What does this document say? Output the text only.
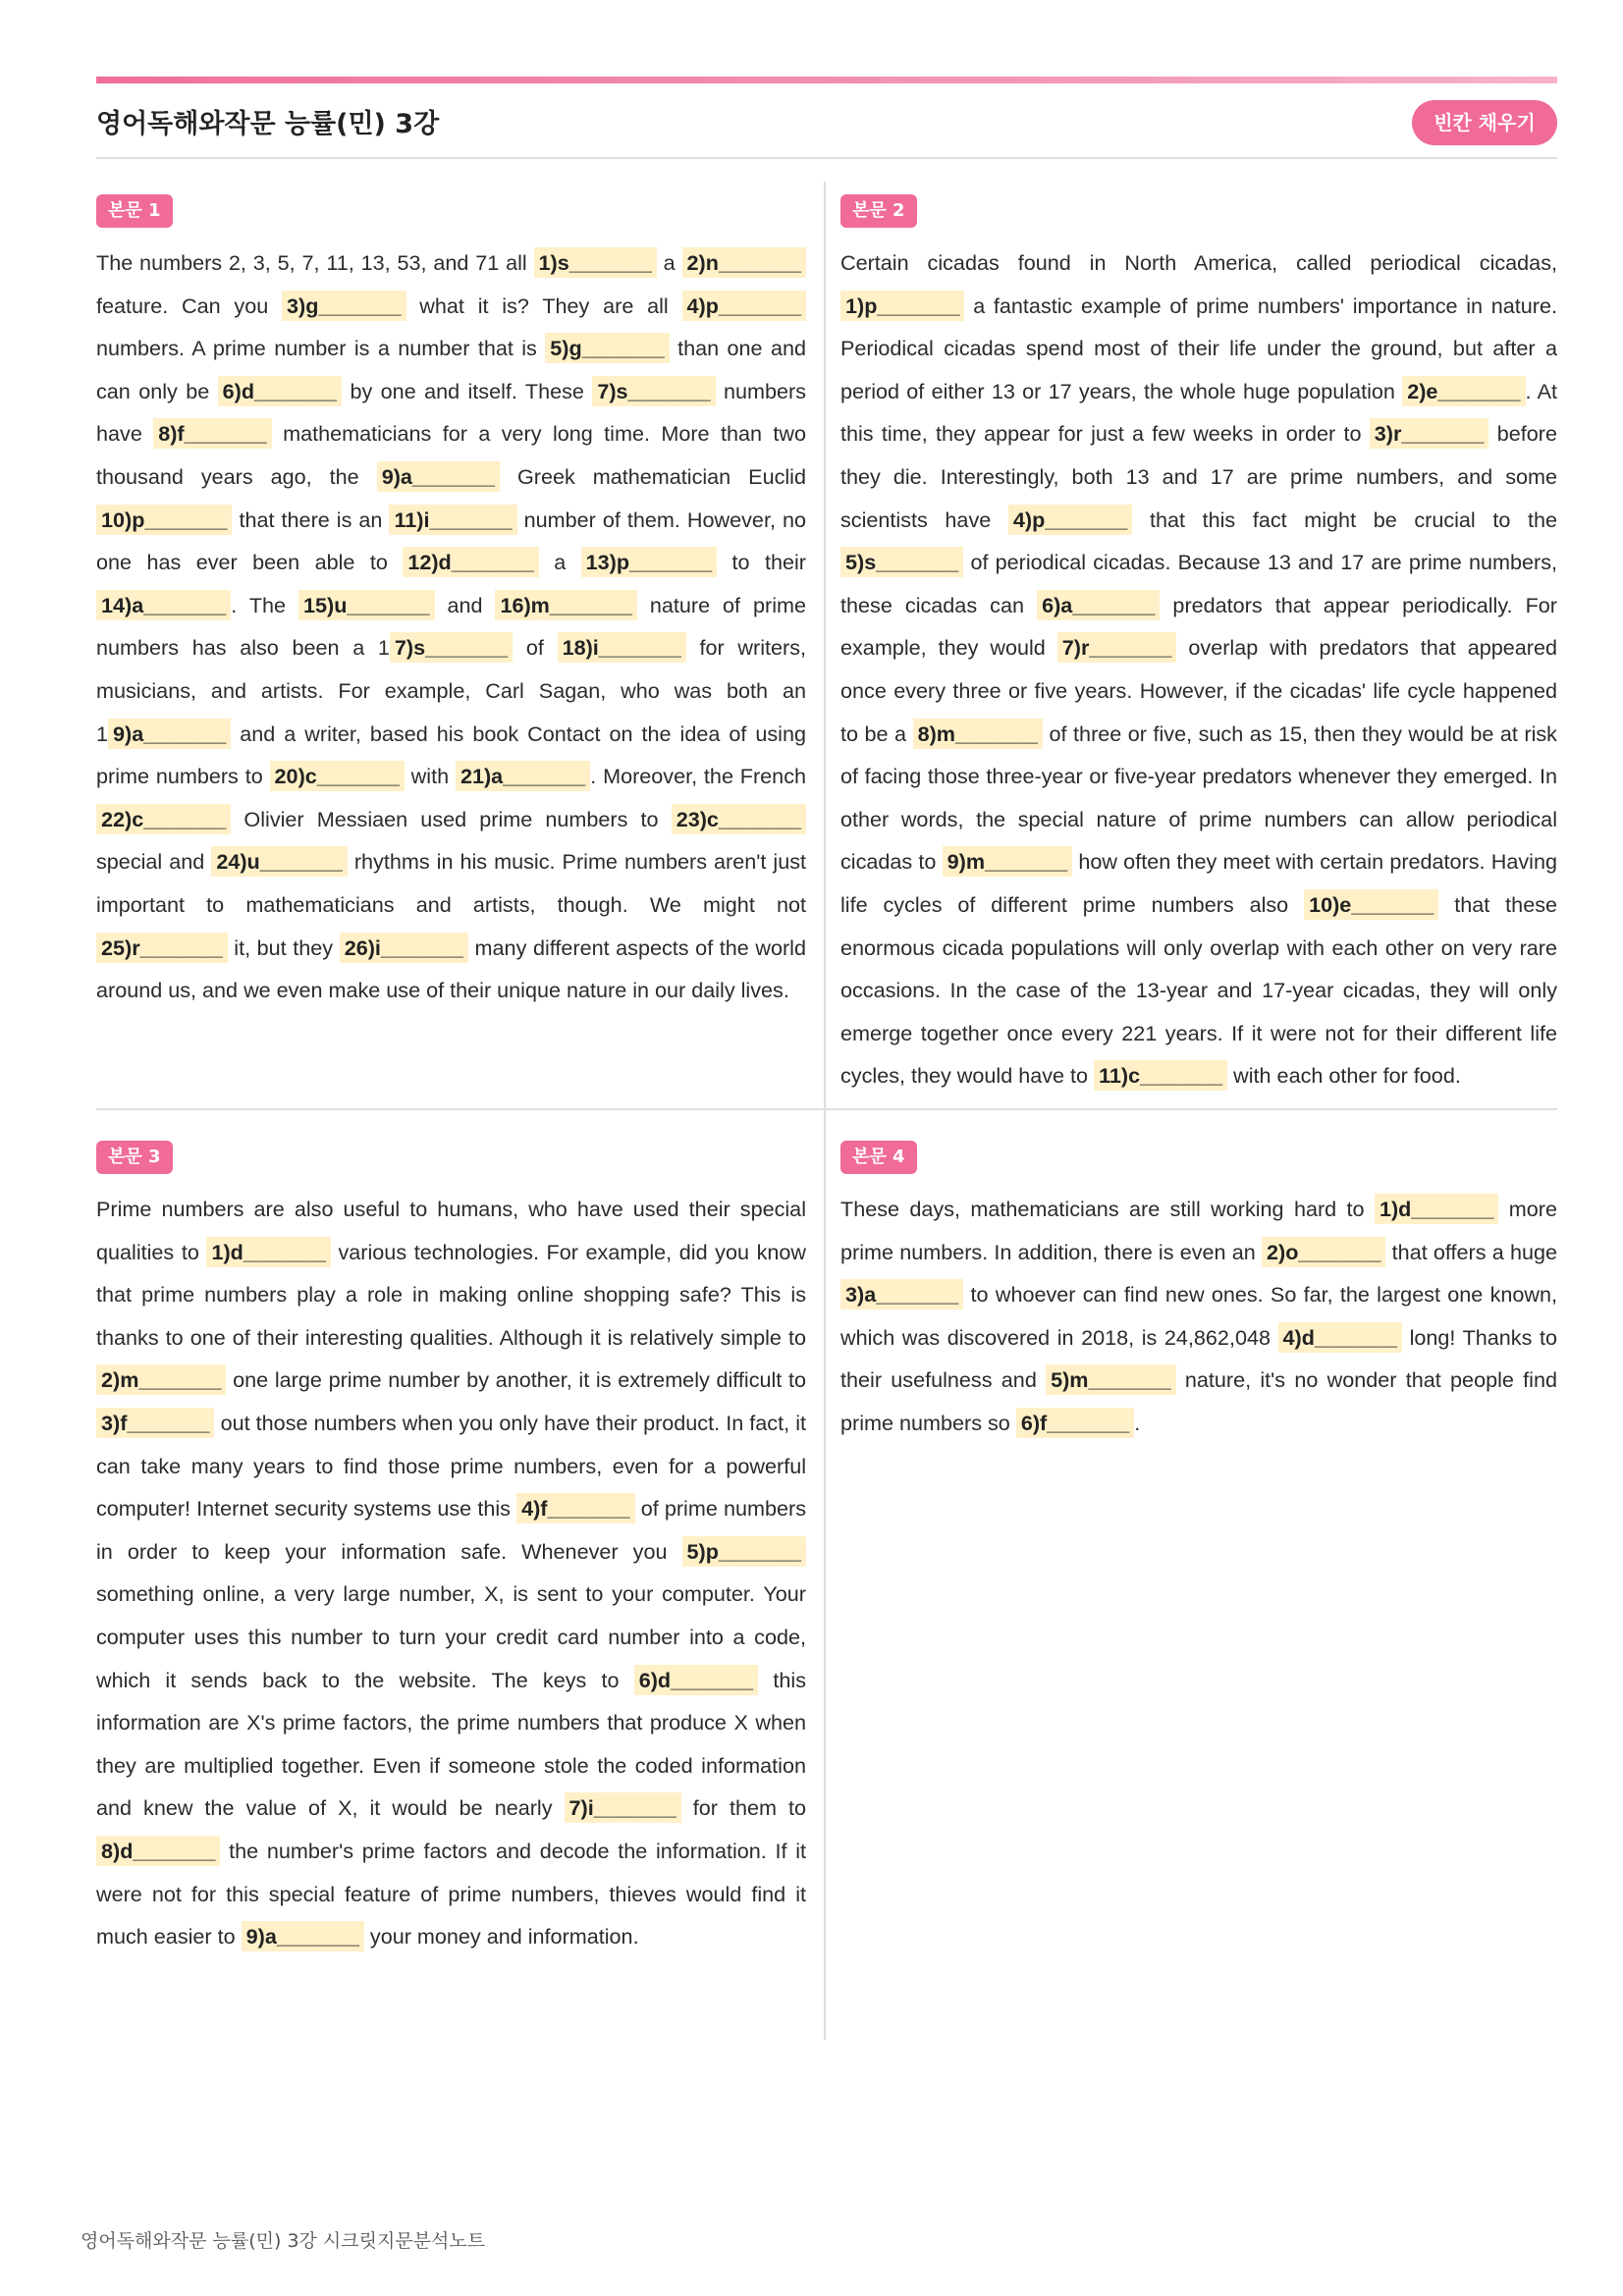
영어독해와작문 능률(민) 3강	빈칸 채우기
본문 1
The numbers 2, 3, 5, 7, 11, 13, 53, and 71 all 1)s_______ a 2)n_______ feature. Can you 3)g_______ what it is? They are all 4)p_______ numbers. A prime number is a number that is 5)g_______ than one and can only be 6)d_______ by one and itself. These 7)s_______ numbers have 8)f_______ mathematicians for a very long time. More than two thousand years ago, the 9)a_______ Greek mathematician Euclid 10)p_______ that there is an 11)i_______ number of them. However, no one has ever been able to 12)d_______ a 13)p_______ to their 14)a_______ . The 15)u_______ and 16)m_______ nature of prime numbers has also been a 1 7)s_______ of 18)i_______ for writers, musicians, and artists. For example, Carl Sagan, who was both an 1 9)a_______ and a writer, based his book Contact on the idea of using prime numbers to 20)c_______ with 21)a_______ . Moreover, the French 22)c_______ Olivier Messiaen used prime numbers to 23)c_______ special and 24)u_______ rhythms in his music. Prime numbers aren't just important to mathematicians and artists, though. We might not 25)r_______ it, but they 26)i_______ many different aspects of the world around us, and we even make use of their unique nature in our daily lives.
본문 2
Certain cicadas found in North America, called periodical cicadas, 1)p_______ a fantastic example of prime numbers' importance in nature. Periodical cicadas spend most of their life under the ground, but after a period of either 13 or 17 years, the whole huge population 2)e_______ . At this time, they appear for just a few weeks in order to 3)r_______ before they die. Interestingly, both 13 and 17 are prime numbers, and some scientists have 4)p_______ that this fact might be crucial to the 5)s_______ of periodical cicadas. Because 13 and 17 are prime numbers, these cicadas can 6)a_______ predators that appear periodically. For example, they would 7)r_______ overlap with predators that appeared once every three or five years. However, if the cicadas' life cycle happened to be a 8)m_______ of three or five, such as 15, then they would be at risk of facing those three-year or five-year predators whenever they emerged. In other words, the special nature of prime numbers can allow periodical cicadas to 9)m_______ how often they meet with certain predators. Having life cycles of different prime numbers also 10)e_______ that these enormous cicada populations will only overlap with each other on very rare occasions. In the case of the 13-year and 17-year cicadas, they will only emerge together once every 221 years. If it were not for their different life cycles, they would have to 11)c_______ with each other for food.
본문 3
Prime numbers are also useful to humans, who have used their special qualities to 1)d_______ various technologies. For example, did you know that prime numbers play a role in making online shopping safe? This is thanks to one of their interesting qualities. Although it is relatively simple to 2)m_______ one large prime number by another, it is extremely difficult to 3)f_______ out those numbers when you only have their product. In fact, it can take many years to find those prime numbers, even for a powerful computer! Internet security systems use this 4)f_______ of prime numbers in order to keep your information safe. Whenever you 5)p_______ something online, a very large number, X, is sent to your computer. Your computer uses this number to turn your credit card number into a code, which it sends back to the website. The keys to 6)d_______ this information are X's prime factors, the prime numbers that produce X when they are multiplied together. Even if someone stole the coded information and knew the value of X, it would be nearly 7)i_______ for them to 8)d_______ the number's prime factors and decode the information. If it were not for this special feature of prime numbers, thieves would find it much easier to 9)a_______ your money and information.
본문 4
These days, mathematicians are still working hard to 1)d_______ more prime numbers. In addition, there is even an 2)o_______ that offers a huge 3)a_______ to whoever can find new ones. So far, the largest one known, which was discovered in 2018, is 24,862,048 4)d_______ long! Thanks to their usefulness and 5)m_______ nature, it's no wonder that people find prime numbers so 6)f_______ .
영어독해와작문 능률(민) 3강 시크릿지문분석노트
